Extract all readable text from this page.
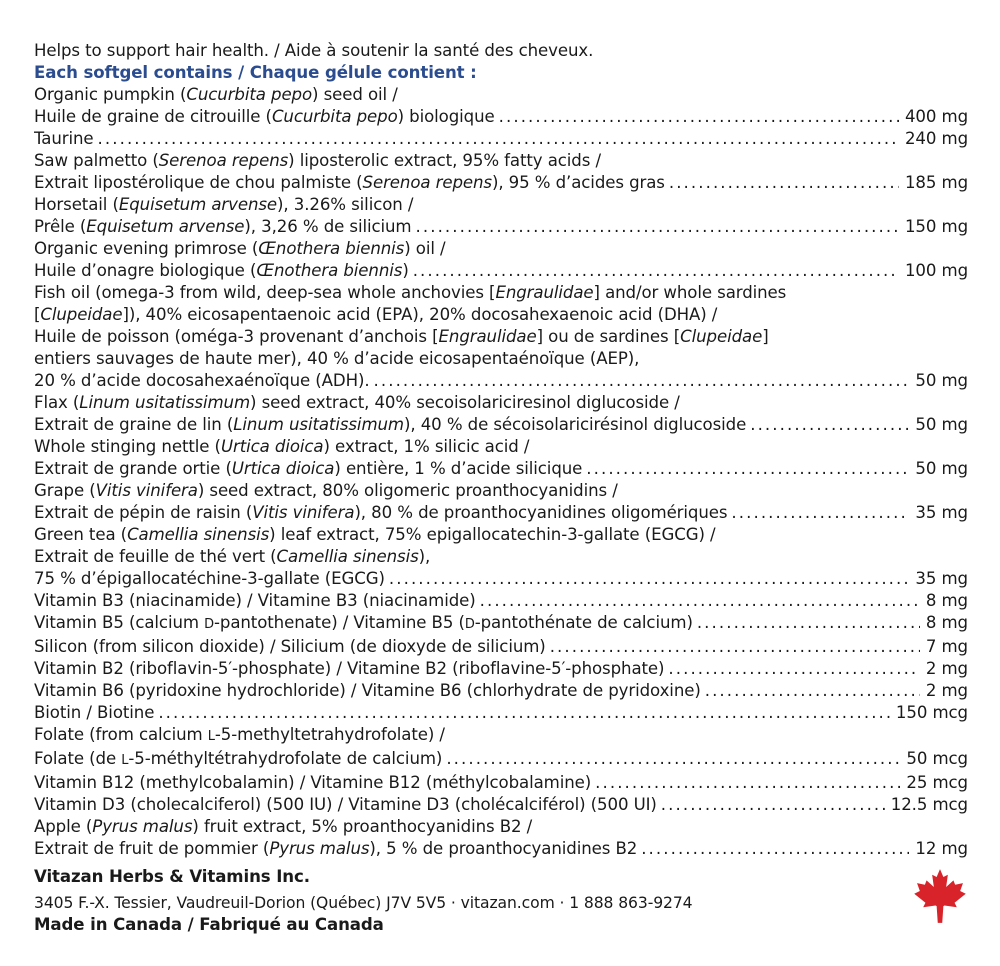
Helps to support hair health. / Aide à soutenir la santé des cheveux.
Each softgel contains / Chaque gélule contient :
Organic pumpkin (Cucurbita pepo) seed oil /
Huile de graine de citrouille (Cucurbita pepo) biologique . . .	400 mg
Taurine . . .	240 mg
Saw palmetto (Serenoa repens) liposterolic extract, 95% fatty acids /
Extrait lipostérolique de chou palmiste (Serenoa repens), 95 % d’acides gras . . .	185 mg
Horsetail (Equisetum arvense), 3.26% silicon /
Prêle (Equisetum arvense), 3,26 % de silicium . . .	150 mg
Organic evening primrose (Œnothera biennis) oil /
Huile d’onagre biologique (Œnothera biennis) . . .	100 mg
Fish oil (omega-3 from wild, deep-sea whole anchovies [Engraulidae] and/or whole sardines
[Clupeidae]), 40% eicosapentaenoic acid (EPA), 20% docosahexaenoic acid (DHA) /
Huile de poisson (oméga-3 provenant d’anchois [Engraulidae] ou de sardines [Clupeidae]
entiers sauvages de haute mer), 40 % d’acide eicosapentaénoïque (AEP),
20 % d’acide docosahexaénoïque (ADH). . . .	50 mg
Flax (Linum usitatissimum) seed extract, 40% secoisolariciresinol diglucoside /
Extrait de graine de lin (Linum usitatissimum), 40 % de sécoisolaricirésinol diglucoside . . .	50 mg
Whole stinging nettle (Urtica dioica) extract, 1% silicic acid /
Extrait de grande ortie (Urtica dioica) entière, 1 % d’acide silicique . . .	50 mg
Grape (Vitis vinifera) seed extract, 80% oligomeric proanthocyanidins /
Extrait de pépin de raisin (Vitis vinifera), 80 % de proanthocyanidines oligomériques . . .	35 mg
Green tea (Camellia sinensis) leaf extract, 75% epigallocatechin-3-gallate (EGCG) /
Extrait de feuille de thé vert (Camellia sinensis),
75 % d’épigallocatéchine-3-gallate (EGCG) . . .	35 mg
Vitamin B3 (niacinamide) / Vitamine B3 (niacinamide) . . .	8 mg
Vitamin B5 (calcium D-pantothenate) / Vitamine B5 (D-pantothénate de calcium) . . .	8 mg
Silicon (from silicon dioxide) / Silicium (de dioxyde de silicium) . . .	7 mg
Vitamin B2 (riboflavin-5′-phosphate) / Vitamine B2 (riboflavine-5′-phosphate) . . .	2 mg
Vitamin B6 (pyridoxine hydrochloride) / Vitamine B6 (chlorhydrate de pyridoxine) . . .	2 mg
Biotin / Biotine . . .	150 mcg
Folate (from calcium L-5-methyltetrahydrofolate) /
Folate (de L-5-méthyltétrahydrofolate de calcium) . . .	50 mcg
Vitamin B12 (methylcobalamin) / Vitamine B12 (méthylcobalamine) . . .	25 mcg
Vitamin D3 (cholecalciferol) (500 IU) / Vitamine D3 (cholécalciférol) (500 UI) . . .	12.5 mcg
Apple (Pyrus malus) fruit extract, 5% proanthocyanidins B2 /
Extrait de fruit de pommier (Pyrus malus), 5 % de proanthocyanidines B2 . . .	12 mg
Vitazan Herbs & Vitamins Inc.
3405 F.-X. Tessier, Vaudreuil-Dorion (Québec) J7V 5V5 · vitazan.com · 1 888 863-9274
Made in Canada / Fabriqué au Canada
